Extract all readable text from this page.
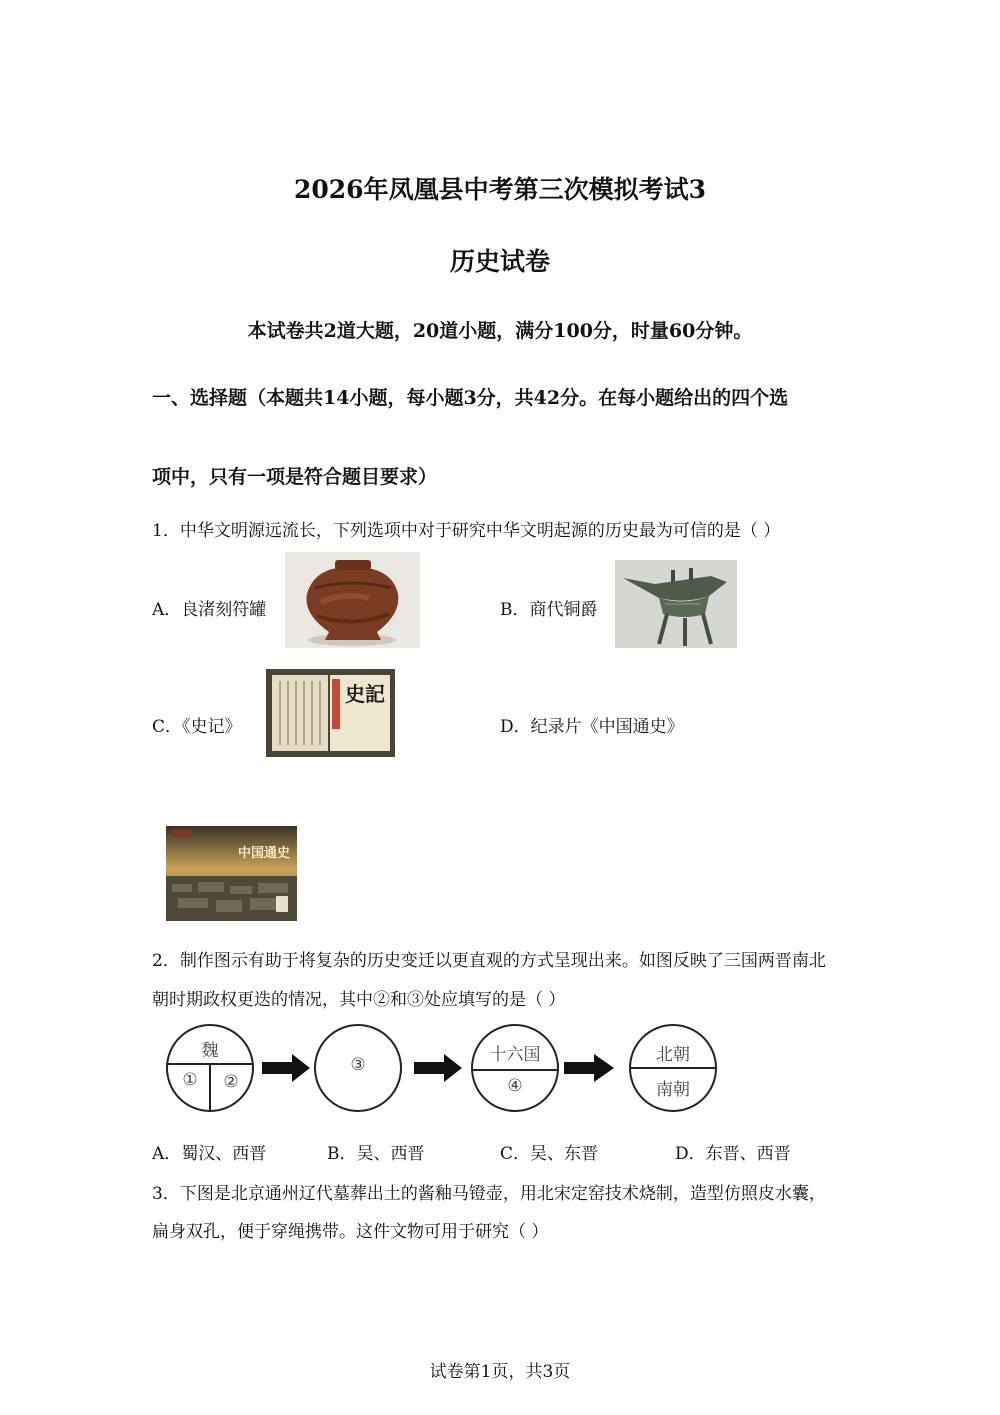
2026年凤凰县中考第三次模拟考试3
历史试卷
本试卷共2道大题，20道小题，满分100分，时量60分钟。
一、选择题（本题共14小题，每小题3分，共42分。在每小题给出的四个选
项中，只有一项是符合题目要求）
1．中华文明源远流长，下列选项中对于研究中华文明起源的历史最为可信的是（ ）
A．良渚刻符罐	B．商代铜爵
C．《史记》
史記
D．纪录片《中国通史》
中国通史
2．制作图示有助于将复杂的历史变迁以更直观的方式呈现出来。如图反映了三国两晋南北
朝时期政权更迭的情况，其中②和③处应填写的是（ ）
魏
①	②
③	十六国
④
北朝
南朝
A．蜀汉、西晋	B．吴、西晋	C．吴、东晋	D．东晋、西晋
3．下图是北京通州辽代墓葬出土的酱釉马镫壶，用北宋定窑技术烧制，造型仿照皮水囊，
扁身双孔，便于穿绳携带。这件文物可用于研究（ ）
试卷第1页，共3页
